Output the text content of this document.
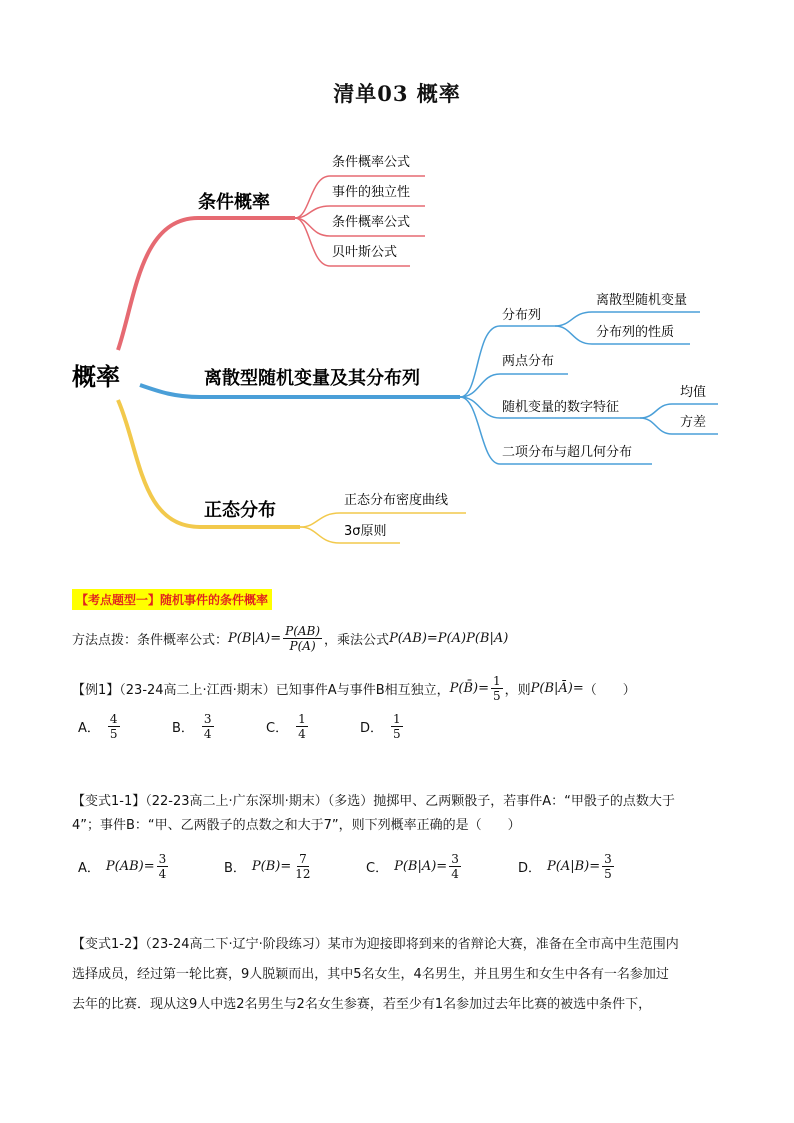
清单03 概率
概率
条件概率
条件概率公式
事件的独立性
条件概率公式
贝叶斯公式
离散型随机变量及其分布列
分布列
两点分布
随机变量的数字特征
二项分布与超几何分布
离散型随机变量
分布列的性质
均值
方差
正态分布	正态分布密度曲线
3σ原则
【考点题型一】随机事件的条件概率
方法点拨：条件概率公式： $P(B|A)= \frac{P(AB)}{P(A)}$ ，乘法公式 P(AB)=P(A)P(B|A)
【例1】（23-24高二上·江西·期末）已知事件A与事件B相互独立， P(B̄)= $\frac{1}{5}$ ，则 P(B|Ā)= （　　）
A． $\frac{4}{5}$	B． $\frac{3}{4}$	C． $\frac{1}{4}$	D． $\frac{1}{5}$
【变式1-1】（22-23高二上·广东深圳·期末）（多选）抛掷甲、乙两颗骰子，若事件A：“甲骰子的点数大于
4”；事件B：“甲、乙两骰子的点数之和大于7”，则下列概率正确的是（　　）
A． $P(AB)= \frac{3}{4}$	B． $P(B)= \frac{7}{12}$	C． $P(B|A)= \frac{3}{4}$	D． $P(A|B)= \frac{3}{5}$
【变式1-2】（23-24高二下·辽宁·阶段练习）某市为迎接即将到来的省辩论大赛，准备在全市高中生范围内
选择成员，经过第一轮比赛，9人脱颖而出，其中5名女生，4名男生，并且男生和女生中各有一名参加过
去年的比赛．现从这9人中选2名男生与2名女生参赛，若至少有1名参加过去年比赛的被选中条件下，
